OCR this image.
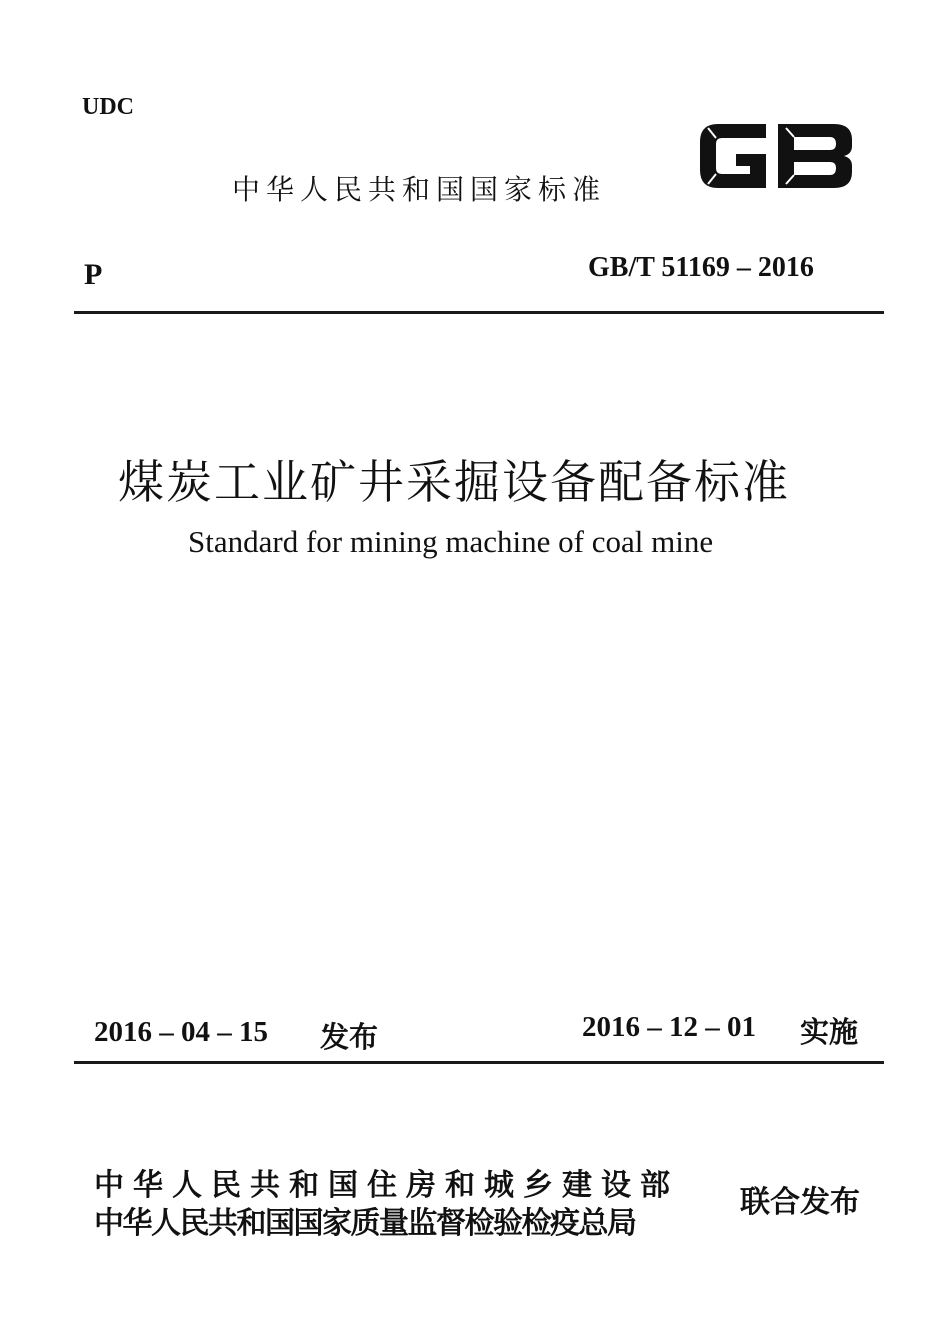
UDC
中华人民共和国国家标准
P	GB/T 51169 – 2016
煤炭工业矿井采掘设备配备标准
Standard for mining machine of coal mine
2016 – 04 – 15 发布	2016 – 12 – 01 实施
中华人民共和国住房和城乡建设部
中华人民共和国国家质量监督检验检疫总局
联合发布
